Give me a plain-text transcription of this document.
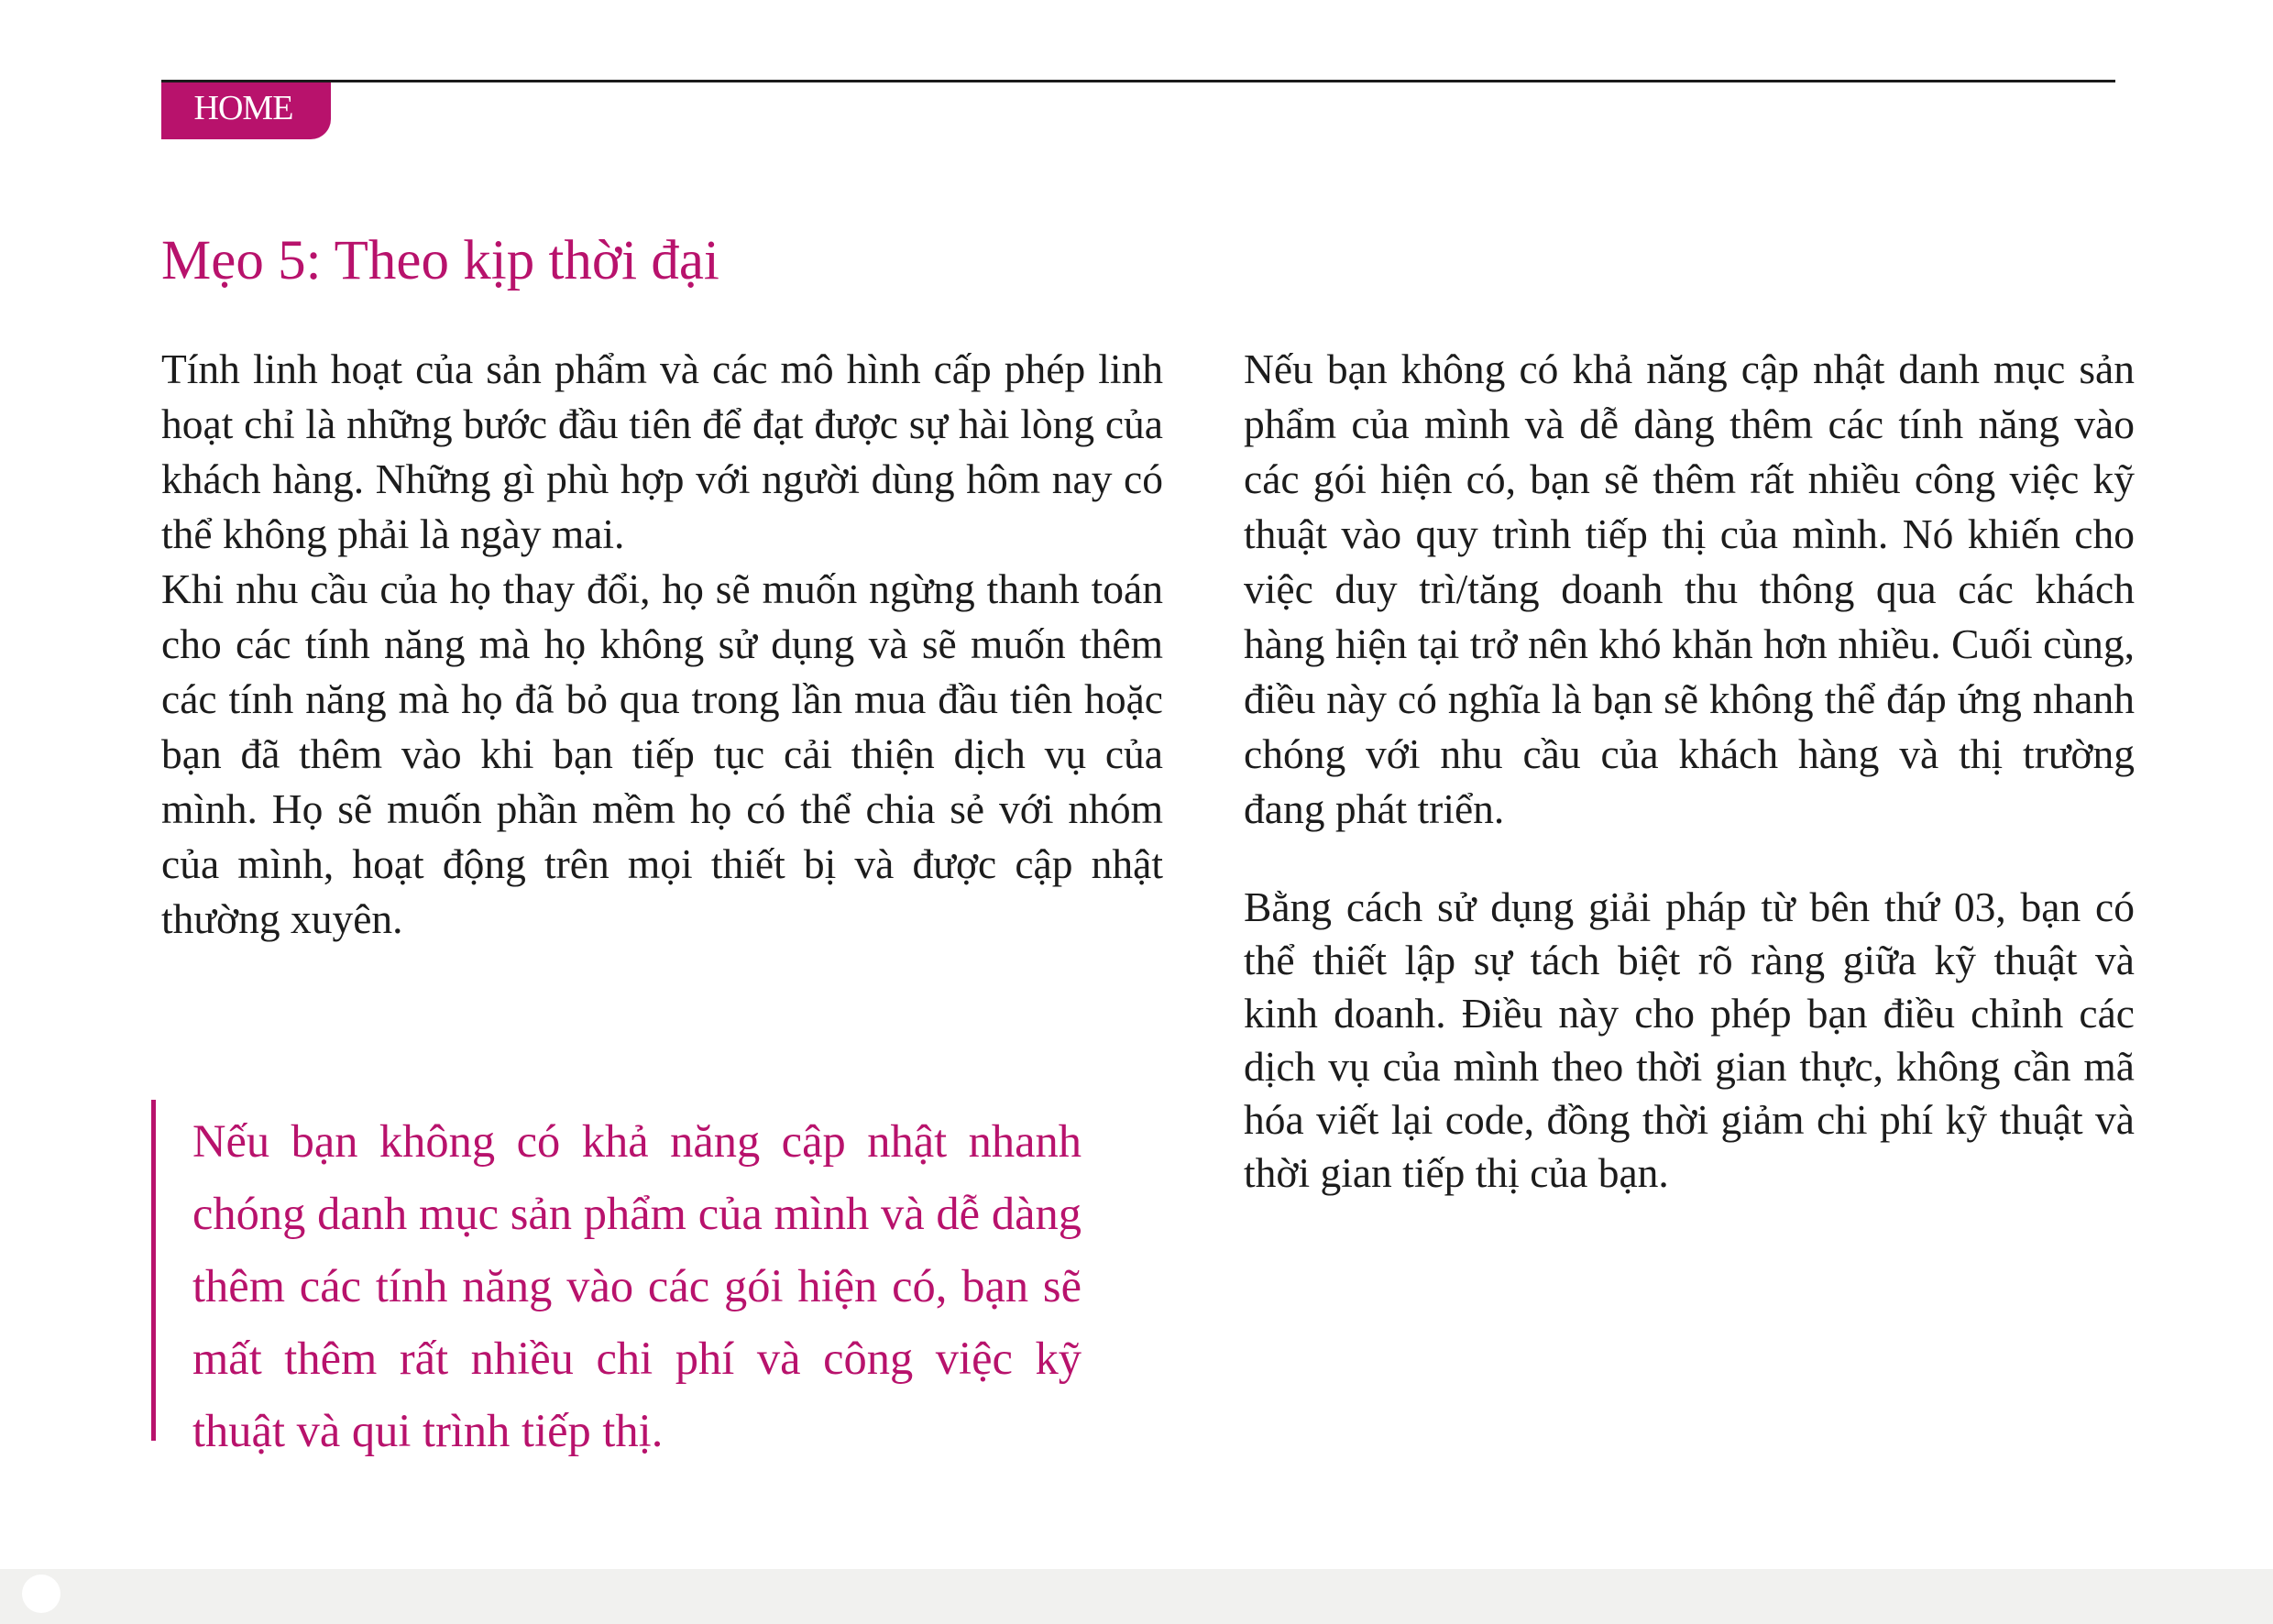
HOME
Mẹo 5: Theo kịp thời đại

Tính linh hoạt của sản phẩm và các mô hình cấp phép linh hoạt chỉ là những bước đầu tiên để đạt được sự hài lòng của khách hàng. Những gì phù hợp với người dùng hôm nay có thể không phải là ngày mai.

Khi nhu cầu của họ thay đổi, họ sẽ muốn ngừng thanh toán cho các tính năng mà họ không sử dụng và sẽ muốn thêm các tính năng mà họ đã bỏ qua trong lần mua đầu tiên hoặc bạn đã thêm vào khi bạn tiếp tục cải thiện dịch vụ của mình. Họ sẽ muốn phần mềm họ có thể chia sẻ với nhóm của mình, hoạt động trên mọi thiết bị và được cập nhật thường xuyên.

Nếu bạn không có khả năng cập nhật nhanh chóng danh mục sản phẩm của mình và dễ dàng thêm các tính năng vào các gói hiện có, bạn sẽ mất thêm rất nhiều chi phí và công việc kỹ thuật và qui trình tiếp thị.

Nếu bạn không có khả năng cập nhật danh mục sản phẩm của mình và dễ dàng thêm các tính năng vào các gói hiện có, bạn sẽ thêm rất nhiều công việc kỹ thuật vào quy trình tiếp thị của mình. Nó khiến cho việc duy trì/tăng doanh thu thông qua các khách hàng hiện tại trở nên khó khăn hơn nhiều. Cuối cùng, điều này có nghĩa là bạn sẽ không thể đáp ứng nhanh chóng với nhu cầu của khách hàng và thị trường đang phát triển.

Bằng cách sử dụng giải pháp từ bên thứ 03, bạn có thể thiết lập sự tách biệt rõ ràng giữa kỹ thuật và kinh doanh. Điều này cho phép bạn điều chỉnh các dịch vụ của mình theo thời gian thực, không cần mã hóa viết lại code, đồng thời giảm chi phí kỹ thuật và thời gian tiếp thị của bạn.
